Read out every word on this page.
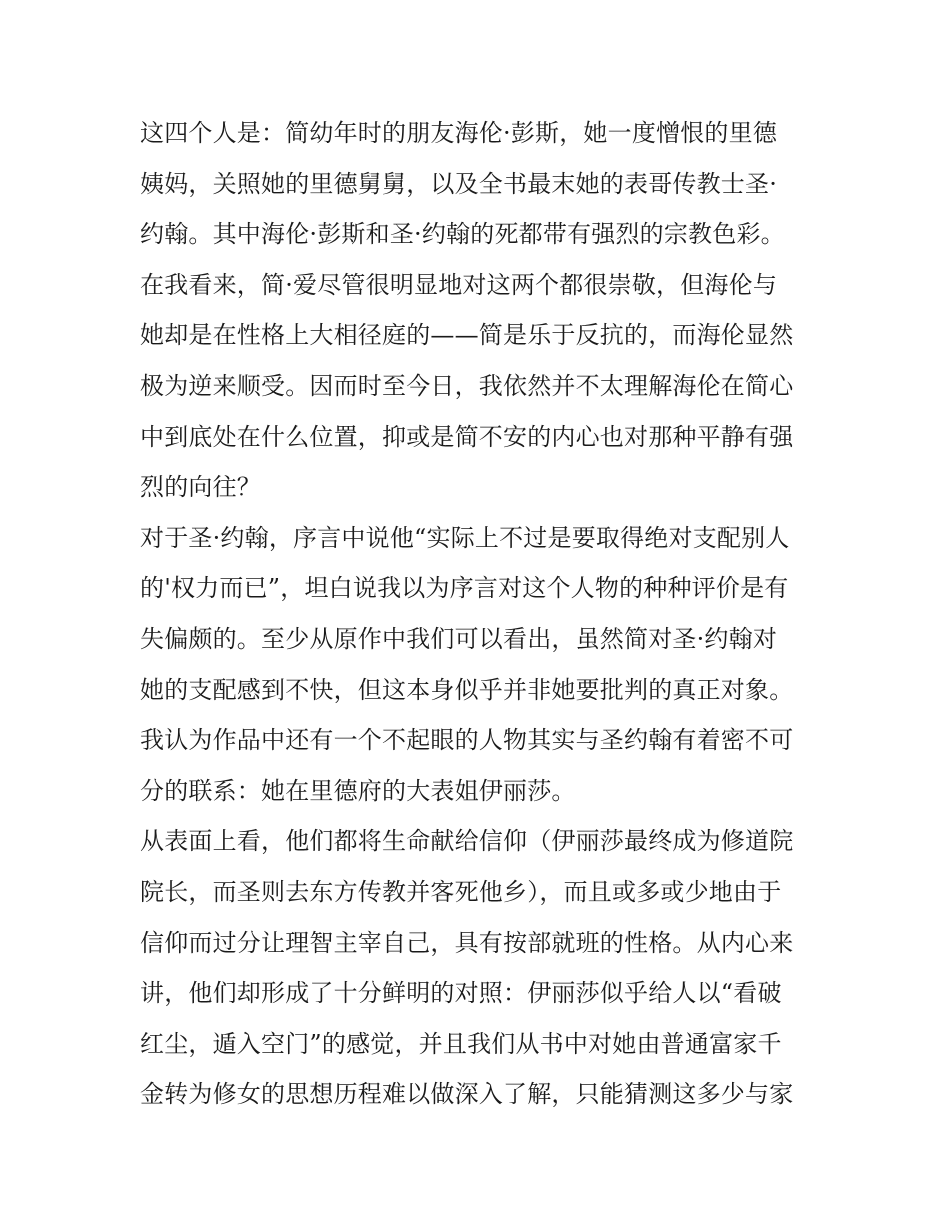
这四个人是：简幼年时的朋友海伦·彭斯，她一度憎恨的里德
姨妈，关照她的里德舅舅，以及全书最末她的表哥传教士圣·
约翰。其中海伦·彭斯和圣·约翰的死都带有强烈的宗教色彩。
在我看来，简·爱尽管很明显地对这两个都很崇敬，但海伦与
她却是在性格上大相径庭的——简是乐于反抗的，而海伦显然
极为逆来顺受。因而时至今日，我依然并不太理解海伦在简心
中到底处在什么位置，抑或是简不安的内心也对那种平静有强
烈的向往？
对于圣·约翰，序言中说他“实际上不过是要取得绝对支配别人
的'权力而已”，坦白说我以为序言对这个人物的种种评价是有
失偏颇的。至少从原作中我们可以看出，虽然简对圣·约翰对
她的支配感到不快，但这本身似乎并非她要批判的真正对象。
我认为作品中还有一个不起眼的人物其实与圣约翰有着密不可
分的联系：她在里德府的大表姐伊丽莎。
从表面上看，他们都将生命献给信仰（伊丽莎最终成为修道院
院长，而圣则去东方传教并客死他乡），而且或多或少地由于
信仰而过分让理智主宰自己，具有按部就班的性格。从内心来
讲，他们却形成了十分鲜明的对照：伊丽莎似乎给人以“看破
红尘，遁入空门”的感觉，并且我们从书中对她由普通富家千
金转为修女的思想历程难以做深入了解，只能猜测这多少与家
